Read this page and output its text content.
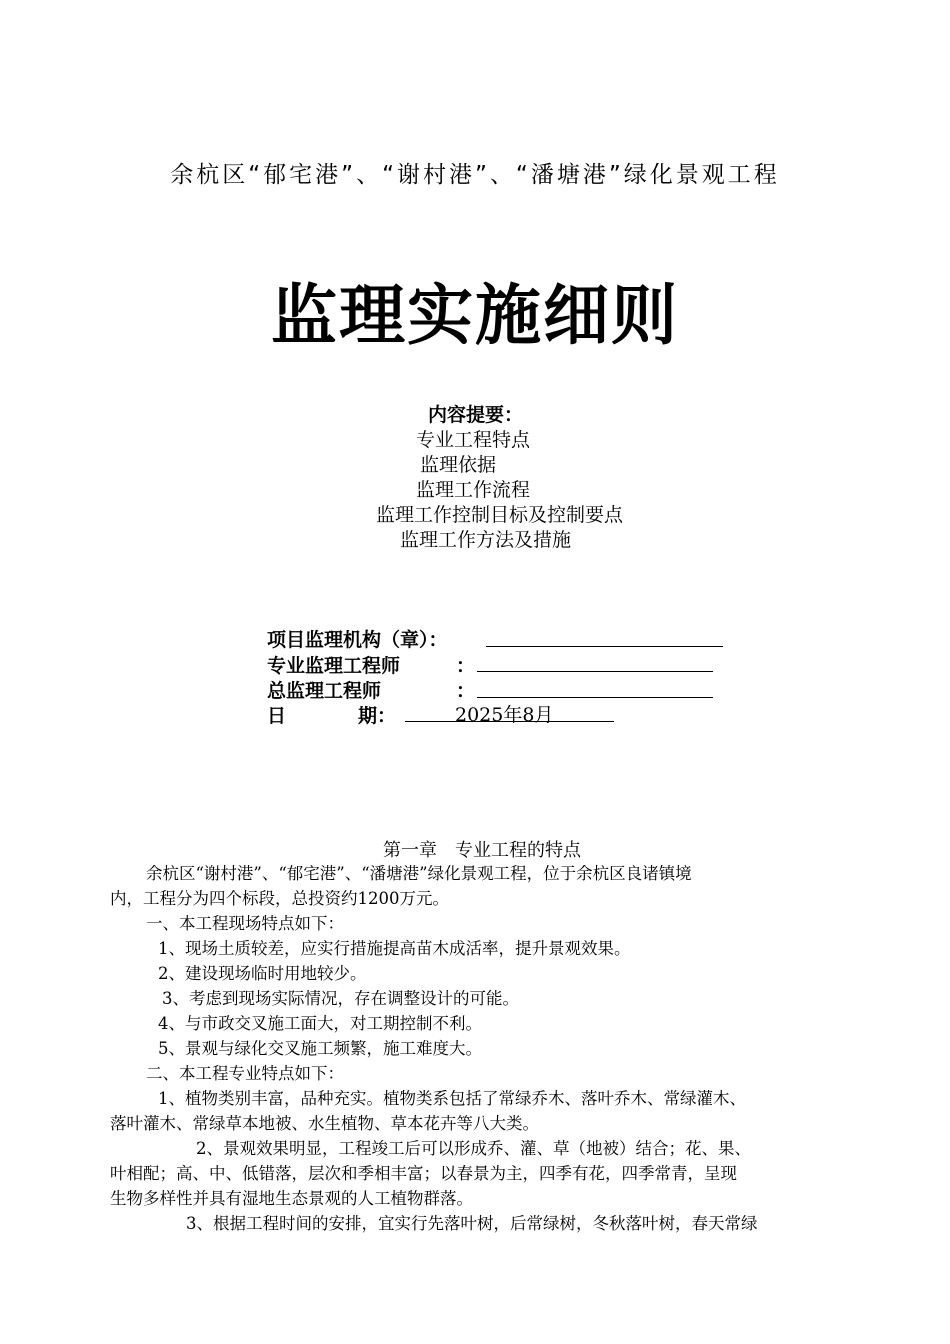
余杭区“郁宅港”、“谢村港”、“潘塘港”绿化景观工程
监理实施细则
内容提要：
专业工程特点
监理依据
监理工作流程
监理工作控制目标及控制要点
监理工作方法及措施
项目监理机构（章）：
专业监理工程师	：
总监理工程师	：
日	期：	2025年8月
第一章　专业工程的特点
余杭区“谢村港”、“郁宅港”、“潘塘港”绿化景观工程，位于余杭区良诸镇境
内，工程分为四个标段，总投资约1200万元。
一、本工程现场特点如下：
1、现场土质较差，应实行措施提高苗木成活率，提升景观效果。
2、建设现场临时用地较少。
3、考虑到现场实际情况，存在调整设计的可能。
4、与市政交叉施工面大，对工期控制不利。
5、景观与绿化交叉施工频繁，施工难度大。
二、本工程专业特点如下：
1、植物类别丰富，品种充实。植物类系包括了常绿乔木、落叶乔木、常绿灌木、
落叶灌木、常绿草本地被、水生植物、草本花卉等八大类。
2、景观效果明显，工程竣工后可以形成乔、灌、草（地被）结合；花、果、
叶相配；高、中、低错落，层次和季相丰富；以春景为主，四季有花，四季常青，呈现
生物多样性并具有湿地生态景观的人工植物群落。
3、根据工程时间的安排，宜实行先落叶树，后常绿树，冬秋落叶树，春天常绿
